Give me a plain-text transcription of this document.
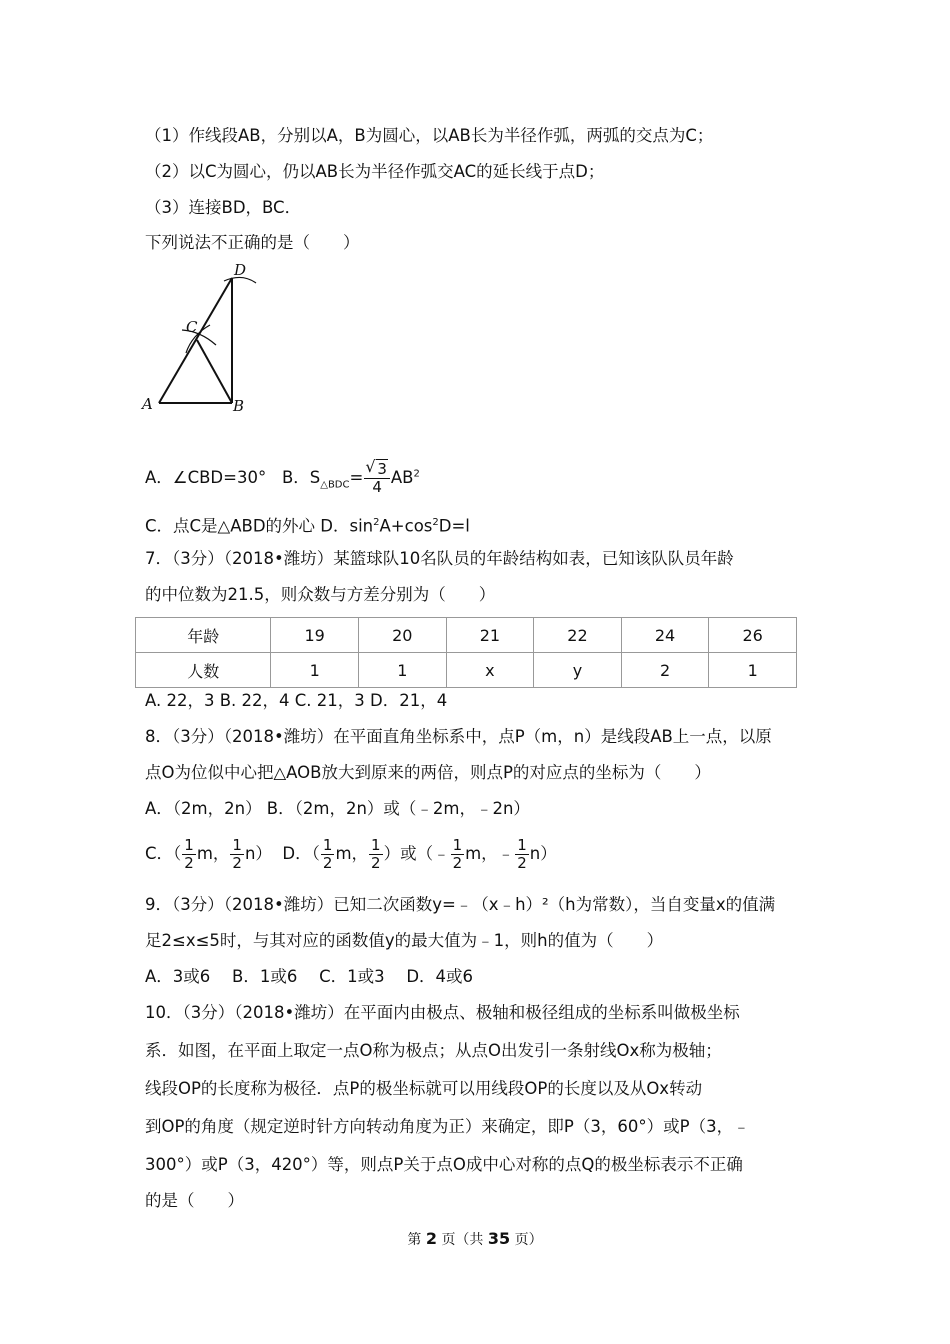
（1）作线段AB，分别以A，B为圆心，以AB长为半径作弧，两弧的交点为C；
（2）以C为圆心，仍以AB长为半径作弧交AC的延长线于点D；
（3）连接BD，BC．
下列说法不正确的是（　　）
A	B
C
D
A．∠CBD=30° B．$S_{\triangle BDC}=$ √ $\frac{3}{4} AB^2$
C．点C是△ABD的外心 D．$\sin^2A+\cos^2D=l$
7．（3分）（2018•潍坊）某篮球队10名队员的年龄结构如表，已知该队队员年龄
的中位数为21.5，则众数与方差分别为（　　）
年龄	19	20	21	22	24	26
人数	1	1	x	y	2	1
A. 22，3 B. 22，4 C. 21，3 D．21，4
8．（3分）（2018•潍坊）在平面直角坐标系中，点P（m，n）是线段AB上一点，以原
点O为位似中心把△AOB放大到原来的两倍，则点P的对应点的坐标为（　　）
A．（2m，2n） B．（2m，2n）或（﹣2m，﹣2n）
C．（ $\frac{1}{2}$ m， $\frac{1}{2} n$） D．（ $\frac{1}{2}$ m， $\frac{1}{2}$ ）或（﹣ $\frac{1}{2}$ m，﹣ $\frac{1}{2} n$）
9．（3分）（2018•潍坊）已知二次函数y=﹣（x﹣h）²（h为常数），当自变量x的值满
足2≤x≤5时，与其对应的函数值y的最大值为﹣1，则h的值为（　　）
A．3或6　 B．1或6　 C．1或3　 D．4或6
10．（3分）（2018•潍坊）在平面内由极点、极轴和极径组成的坐标系叫做极坐标
系．如图，在平面上取定一点O称为极点；从点O出发引一条射线Ox称为极轴；
线段OP的长度称为极径．点P的极坐标就可以用线段OP的长度以及从Ox转动
到OP的角度（规定逆时针方向转动角度为正）来确定，即P（3，60°）或P（3，﹣
300°）或P（3，420°）等，则点P关于点O成中心对称的点Q的极坐标表示不正确
的是（　　）
第 2 页（共 35 页）
